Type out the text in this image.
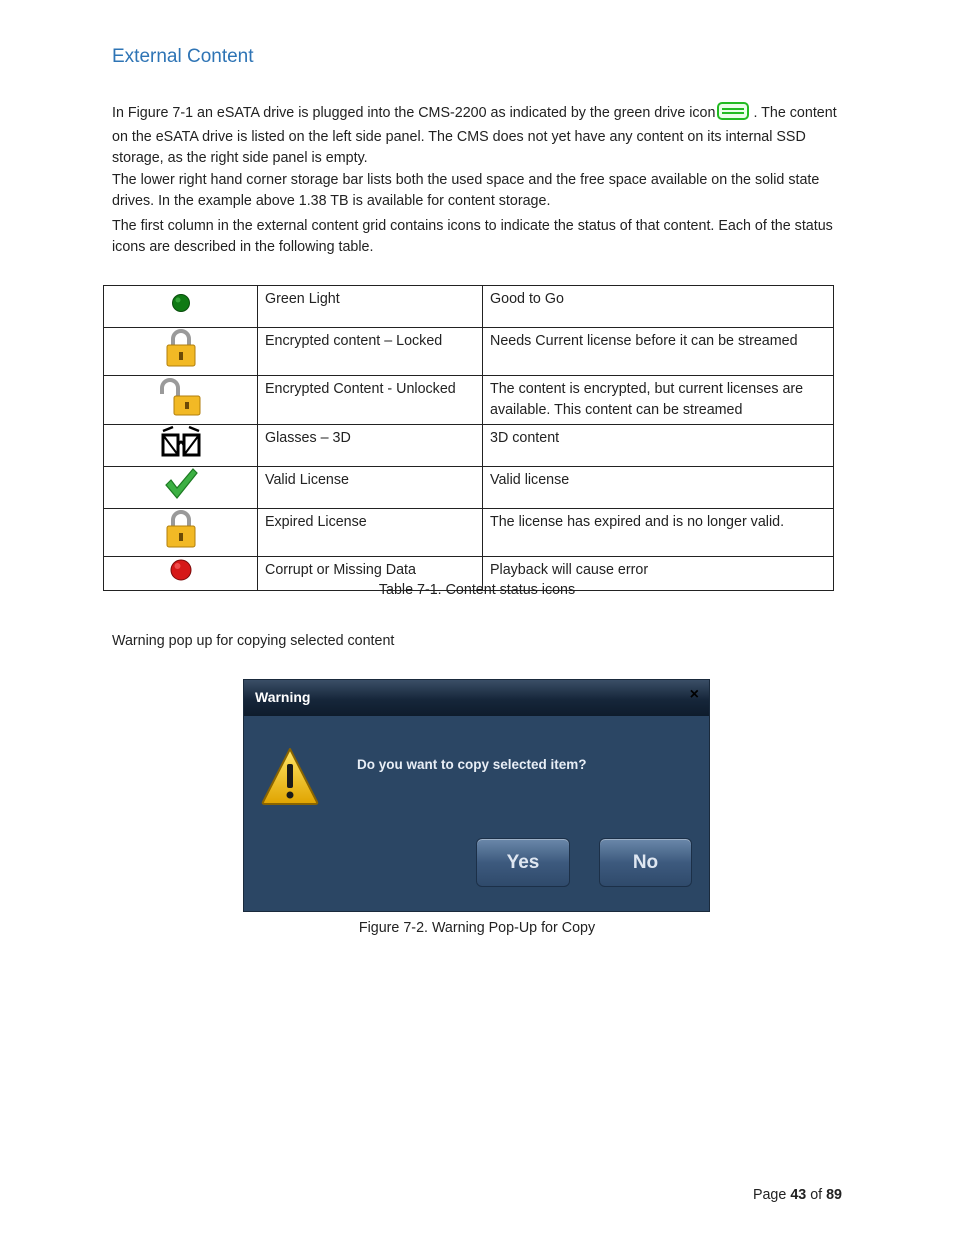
External Content

In Figure 7-1 an eSATA drive is plugged into the CMS-2200 as indicated by the green drive icon	. The content on the eSATA drive is listed on the left side panel. The CMS does not yet have any content on its internal SSD storage, as the right side panel is empty.

The lower right hand corner storage bar lists both the used space and the free space available on the solid state drives. In the example above 1.38 TB is available for content storage.

The first column in the external content grid contains icons to indicate the status of that content. Each of the status icons are described in the following table.

	Green Light	Good to Go
	Encrypted content – Locked	Needs Current license before it can be streamed
	Encrypted Content - Unlocked	The content is encrypted, but current licenses are available. This content can be streamed
	Glasses – 3D	3D content
	Valid License	Valid license
	Expired License	The license has expired and is no longer valid.
	Corrupt or Missing Data	Playback will cause error
Table 7-1. Content status icons
Warning pop up for copying selected content
Warning	×
Do you want to copy selected item?
Yes	No
Figure 7-2. Warning Pop-Up for Copy
Page 43 of 89
